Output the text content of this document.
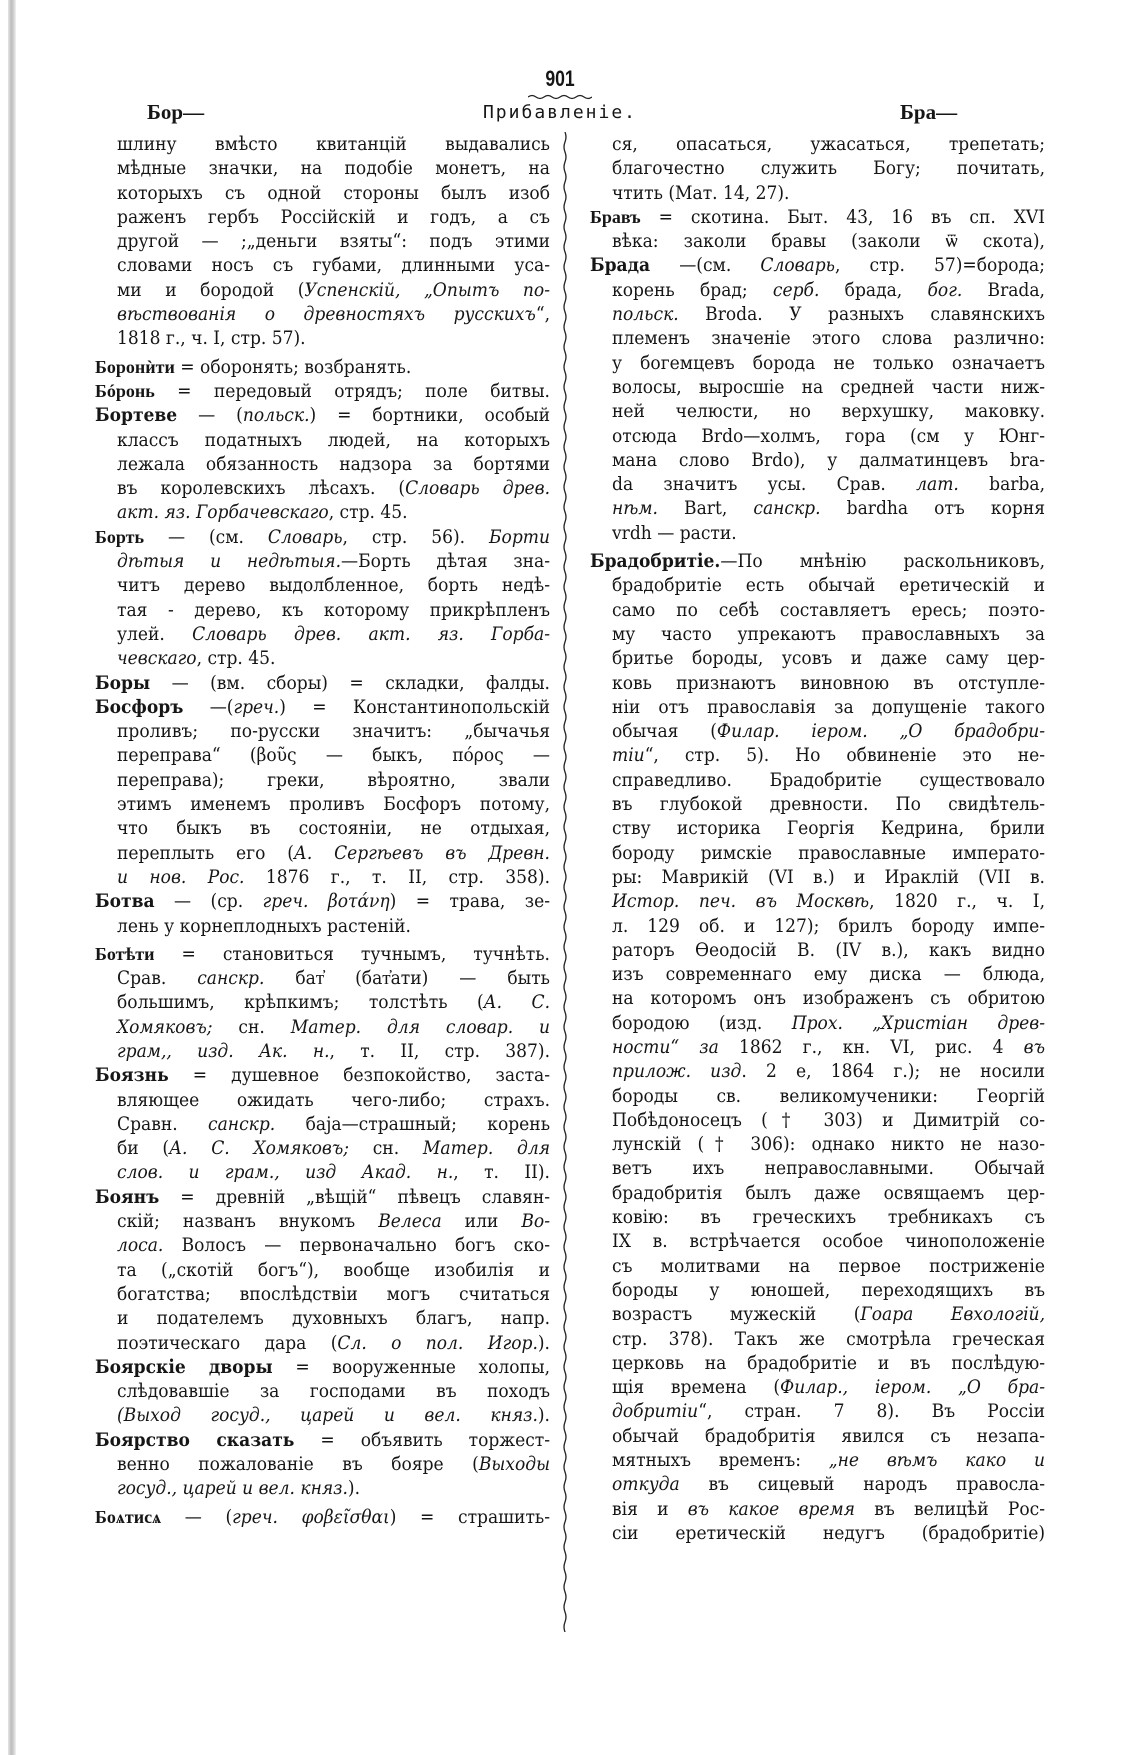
901
Бор—	Прибавленіе.	Бра—
шлину вмѣсто квитанцій выдавались
мѣдные значки, на подобіе монетъ, на
которыхъ съ одной стороны былъ изоб
раженъ гербъ Россійскій и годъ, а съ
другой — ;„деньги взяты“: подъ этими
словами носъ съ губами, длинными уса-
ми и бородой (Успенскій, „Опытъ по-
вѣствованія о древностяхъ русскихъ“,
1818 г., ч. I, стр. 57).
Боронѝти = оборонять; возбранять.
Бóронь = передовый отрядъ; поле битвы.
Бортеве — (польск.) = бортники, особый
классъ податныхъ людей, на которыхъ
лежала обязанность надзора за бортями
въ королевскихъ лѣсахъ. (Словарь древ.
акт. яз. Горбачевскаго, стр. 45.
Борть — (см. Словарь, стр. 56). Борти
дѣтыя и недѣтыя.—Борть дѣтая зна-
читъ дерево выдолбленное, борть недѣ-
тая - дерево, къ которому прикрѣпленъ
улей. Словарь древ. акт. яз. Горба-
чевскаго, стр. 45.
Боры — (вм. сборы) = складки, фалды.
Босфоръ —(греч.) = Константинопольскій
проливъ; по-русски значитъ: „бычачья
переправа“ (βοῦς — быкъ, πόρος —
переправа); греки, вѣроятно, звали
этимъ именемъ проливъ Босфоръ потому,
что быкъ въ состояніи, не отдыхая,
переплыть его (А. Сергѣевъ въ Древн.
и нов. Рос. 1876 г., т. II, стр. 358).
Ботва — (ср. греч. βοτάνη) = трава, зе-
лень у корнеплодныхъ растеній.
Ботѣти = становиться тучнымъ, тучнѣть.
Срав. санскр. бат҆ (бат҆ати) — быть
большимъ, крѣпкимъ; толстѣть (А. С.
Хомяковъ; сн. Матер. для словар. и
грам,, изд. Ак. н., т. II, стр. 387).
Боязнь = душевное безпокойство, заста-
вляющее ожидать чего-либо; страхъ.
Сравн. санскр. баја—страшный; корень
би (А. С. Хомяковъ; сн. Матер. для
слов. и грам., изд Акад. н., т. II).
Боянъ = древній „вѣщій“ пѣвецъ славян-
скій; названъ внукомъ Велеса или Во-
лоса. Волосъ — первоначально богъ ско-
та („скотій богъ“), вообще изобилія и
богатства; впослѣдствіи могъ считаться
и подателемъ духовныхъ благъ, напр.
поэтическаго дара (Сл. о пол. Игор.).
Боярскіе дворы = вооруженные холопы,
слѣдовавшіе за господами въ походъ
(Выход госуд., царей и вел. княз.).
Боярство сказать = объявить торжест-
венно пожалованіе въ бояре (Выходы
госуд., царей и вел. княз.).
Боѧтисѧ — (греч. φοβεῖσθαι) = страшить-
ся, опасаться, ужасаться, трепетать;
благочестно служить Богу; почитать,
чтить (Мат. 14, 27).
Бравъ = скотина. Быт. 43, 16 въ сп. XVI
вѣка: заколи бравы (заколи ѿ скота),
Брада —(см. Словарь, стр. 57)=борода;
корень брад; серб. брада, бог. Brada,
польск. Broda. У разныхъ славянскихъ
племенъ значеніе этого слова различно:
у богемцевъ борода не только означаетъ
волосы, выросшіе на средней части ниж-
ней челюсти, но верхушку, маковку.
отсюда Brdo—холмъ, гора (см у Юнг-
мана слово Brdo), у далматинцевъ bra-
da значитъ усы. Срав. лат. barba,
нѣм. Bart, санскр. bardha отъ корня
vrdh — расти.
Брадобритіе.—По мнѣнію раскольниковъ,
брадобритіе есть обычай еретическій и
само по себѣ составляетъ ересь; поэто-
му часто упрекаютъ православныхъ за
бритье бороды, усовъ и даже саму цер-
ковь признаютъ виновною въ отступле-
ніи отъ православія за допущеніе такого
обычая (Филар. іером. „О брадобри-
тіи“, стр. 5). Но обвиненіе это не-
справедливо. Брадобритіе существовало
въ глубокой древности. По свидѣтель-
ству историка Георгія Кедрина, брили
бороду римскіе православные императо-
ры: Маврикій (VI в.) и Ираклій (VII в.
Истор. печ. въ Москвѣ, 1820 г., ч. I,
л. 129 об. и 127); брилъ бороду импе-
раторъ Ѳеодосій В. (IV в.), какъ видно
изъ современнаго ему диска — блюда,
на которомъ онъ изображенъ съ обритою
бородою (изд. Прох. „Христіан древ-
ности“ за 1862 г., кн. VI, рис. 4 въ
прилож. изд. 2 е, 1864 г.); не носили
бороды св. великомученики: Георгій
Побѣдоносецъ († 303) и Димитрій со-
лунскій († 306): однако никто не назо-
ветъ ихъ неправославными. Обычай
брадобритія былъ даже освящаемъ цер-
ковію: въ греческихъ требникахъ съ
IX в. встрѣчается особое чиноположеніе
съ молитвами на первое постриженіе
бороды у юношей, переходящихъ въ
возрастъ мужескій (Гоара Евхологій,
стр. 378). Такъ же смотрѣла греческая
церковь на брадобритіе и въ послѣдую-
щія времена (Филар., іером. „О бра-
добритіи“, стран. 7 8). Въ Россіи
обычай брадобритія явился съ незапа-
мятныхъ временъ: „не вѣмъ како и
откуда въ сицевый народъ правосла-
вія и въ какое время въ велицѣй Рос-
сіи еретическій недугъ (брадобритіе)
